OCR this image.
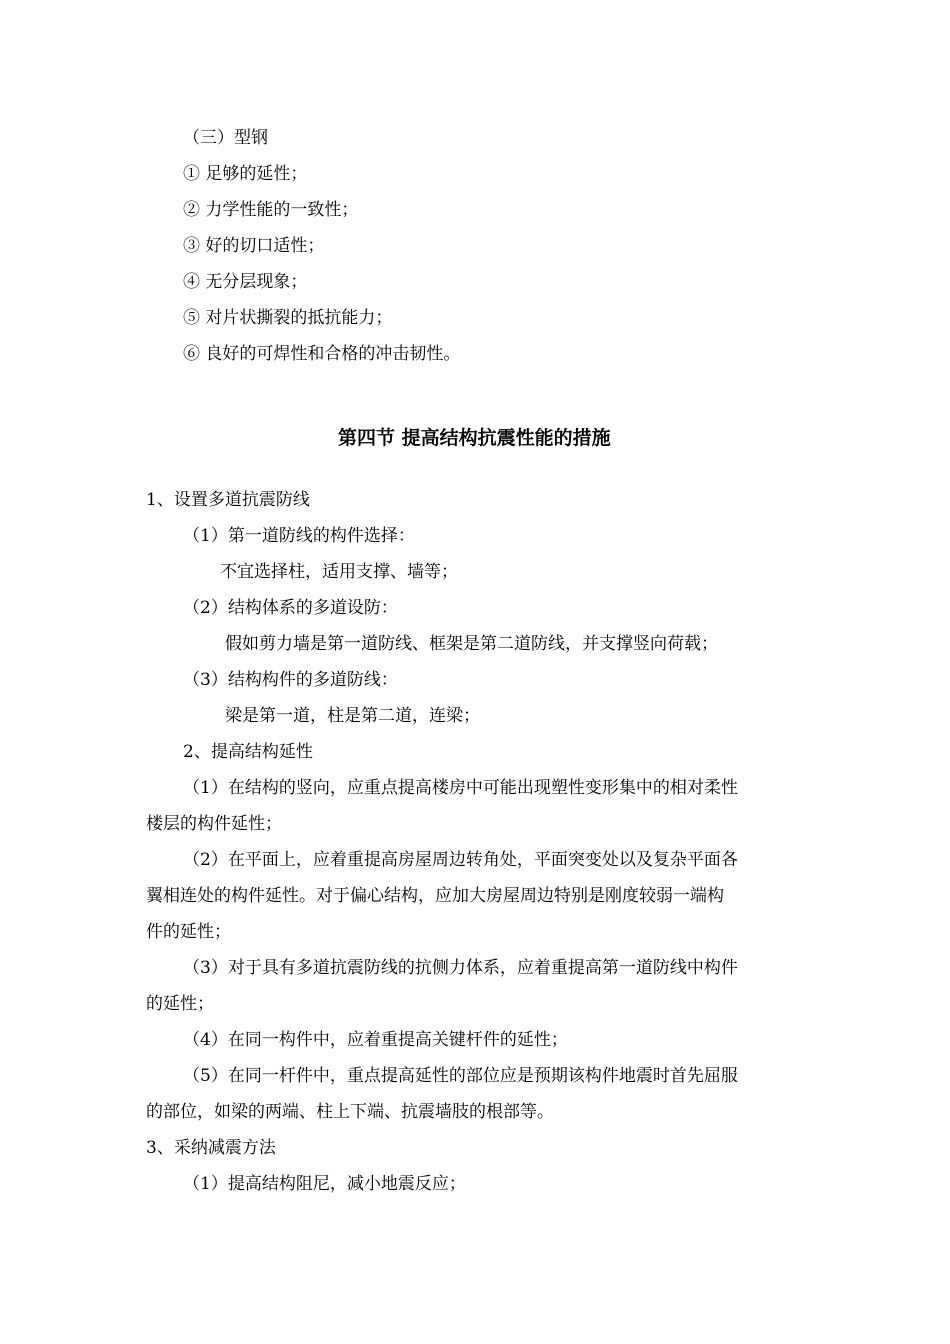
（三）型钢
① 足够的延性；
② 力学性能的一致性；
③ 好的切口适性；
④ 无分层现象；
⑤ 对片状撕裂的抵抗能力；
⑥ 良好的可焊性和合格的冲击韧性。
第四节 提高结构抗震性能的措施
1、设置多道抗震防线
（1）第一道防线的构件选择：
不宜选择柱，适用支撑、墙等；
（2）结构体系的多道设防：
假如剪力墙是第一道防线、框架是第二道防线，并支撑竖向荷载；
（3）结构构件的多道防线：
梁是第一道，柱是第二道，连梁；
2、提高结构延性
（1）在结构的竖向，应重点提高楼房中可能出现塑性变形集中的相对柔性
楼层的构件延性；
（2）在平面上，应着重提高房屋周边转角处，平面突变处以及复杂平面各
翼相连处的构件延性。对于偏心结构，应加大房屋周边特别是刚度较弱一端构
件的延性；
（3）对于具有多道抗震防线的抗侧力体系，应着重提高第一道防线中构件
的延性；
（4）在同一构件中，应着重提高关键杆件的延性；
（5）在同一杆件中，重点提高延性的部位应是预期该构件地震时首先屈服
的部位，如梁的两端、柱上下端、抗震墙肢的根部等。
3、采纳减震方法
（1）提高结构阻尼，减小地震反应；
